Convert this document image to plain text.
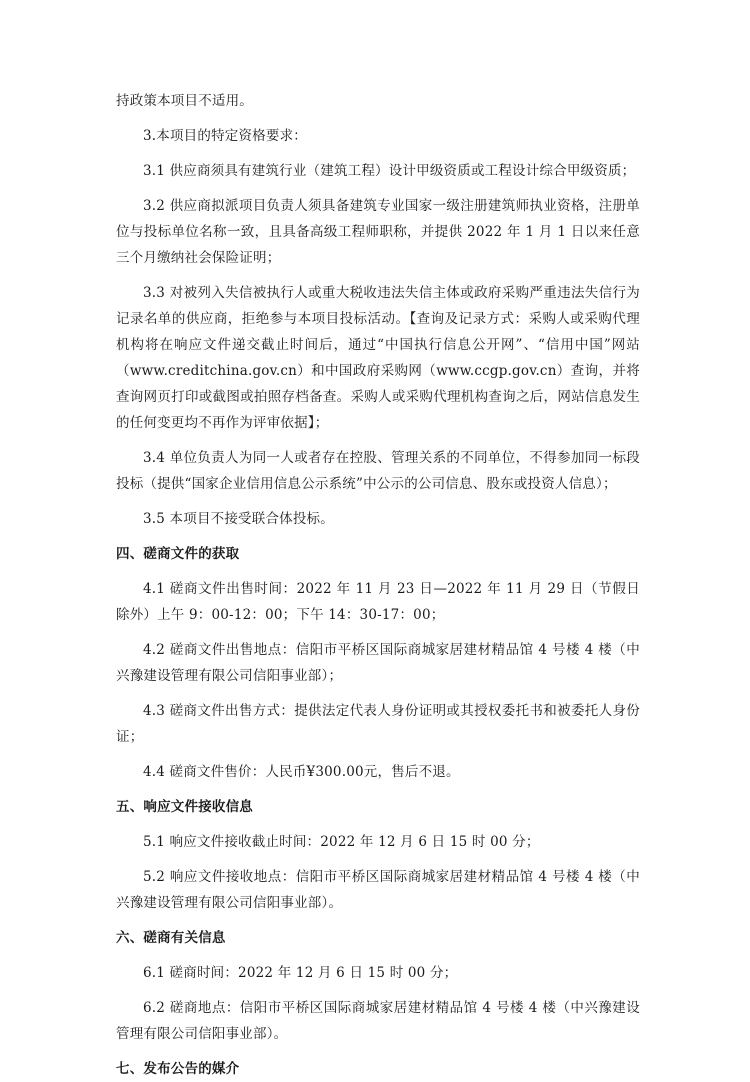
持政策本项目不适用。
3.本项目的特定资格要求：
3.1 供应商须具有建筑行业（建筑工程）设计甲级资质或工程设计综合甲级资质；
3.2 供应商拟派项目负责人须具备建筑专业国家一级注册建筑师执业资格，注册单位与投标单位名称一致，且具备高级工程师职称，并提供 2022 年 1 月 1 日以来任意三个月缴纳社会保险证明；
3.3 对被列入失信被执行人或重大税收违法失信主体或政府采购严重违法失信行为记录名单的供应商，拒绝参与本项目投标活动。【查询及记录方式：采购人或采购代理机构将在响应文件递交截止时间后，通过“中国执行信息公开网”、“信用中国”网站（www.creditchina.gov.cn）和中国政府采购网（www.ccgp.gov.cn）查询，并将查询网页打印或截图或拍照存档备查。采购人或采购代理机构查询之后，网站信息发生的任何变更均不再作为评审依据】；
3.4 单位负责人为同一人或者存在控股、管理关系的不同单位，不得参加同一标段投标（提供“国家企业信用信息公示系统”中公示的公司信息、股东或投资人信息）；
3.5 本项目不接受联合体投标。
四、磋商文件的获取
4.1 磋商文件出售时间：2022 年 11 月 23 日—2022 年 11 月 29 日（节假日除外）上午 9：00-12：00；下午 14：30-17：00；
4.2 磋商文件出售地点：信阳市平桥区国际商城家居建材精品馆 4 号楼 4 楼（中兴豫建设管理有限公司信阳事业部）；
4.3 磋商文件出售方式：提供法定代表人身份证明或其授权委托书和被委托人身份证；
4.4 磋商文件售价：人民币¥300.00元，售后不退。
五、响应文件接收信息
5.1 响应文件接收截止时间：2022 年 12 月 6 日 15 时 00 分；
5.2 响应文件接收地点：信阳市平桥区国际商城家居建材精品馆 4 号楼 4 楼（中兴豫建设管理有限公司信阳事业部）。
六、磋商有关信息
6.1 磋商时间：2022 年 12 月 6 日 15 时 00 分；
6.2 磋商地点：信阳市平桥区国际商城家居建材精品馆 4 号楼 4 楼（中兴豫建设管理有限公司信阳事业部）。
七、发布公告的媒介
